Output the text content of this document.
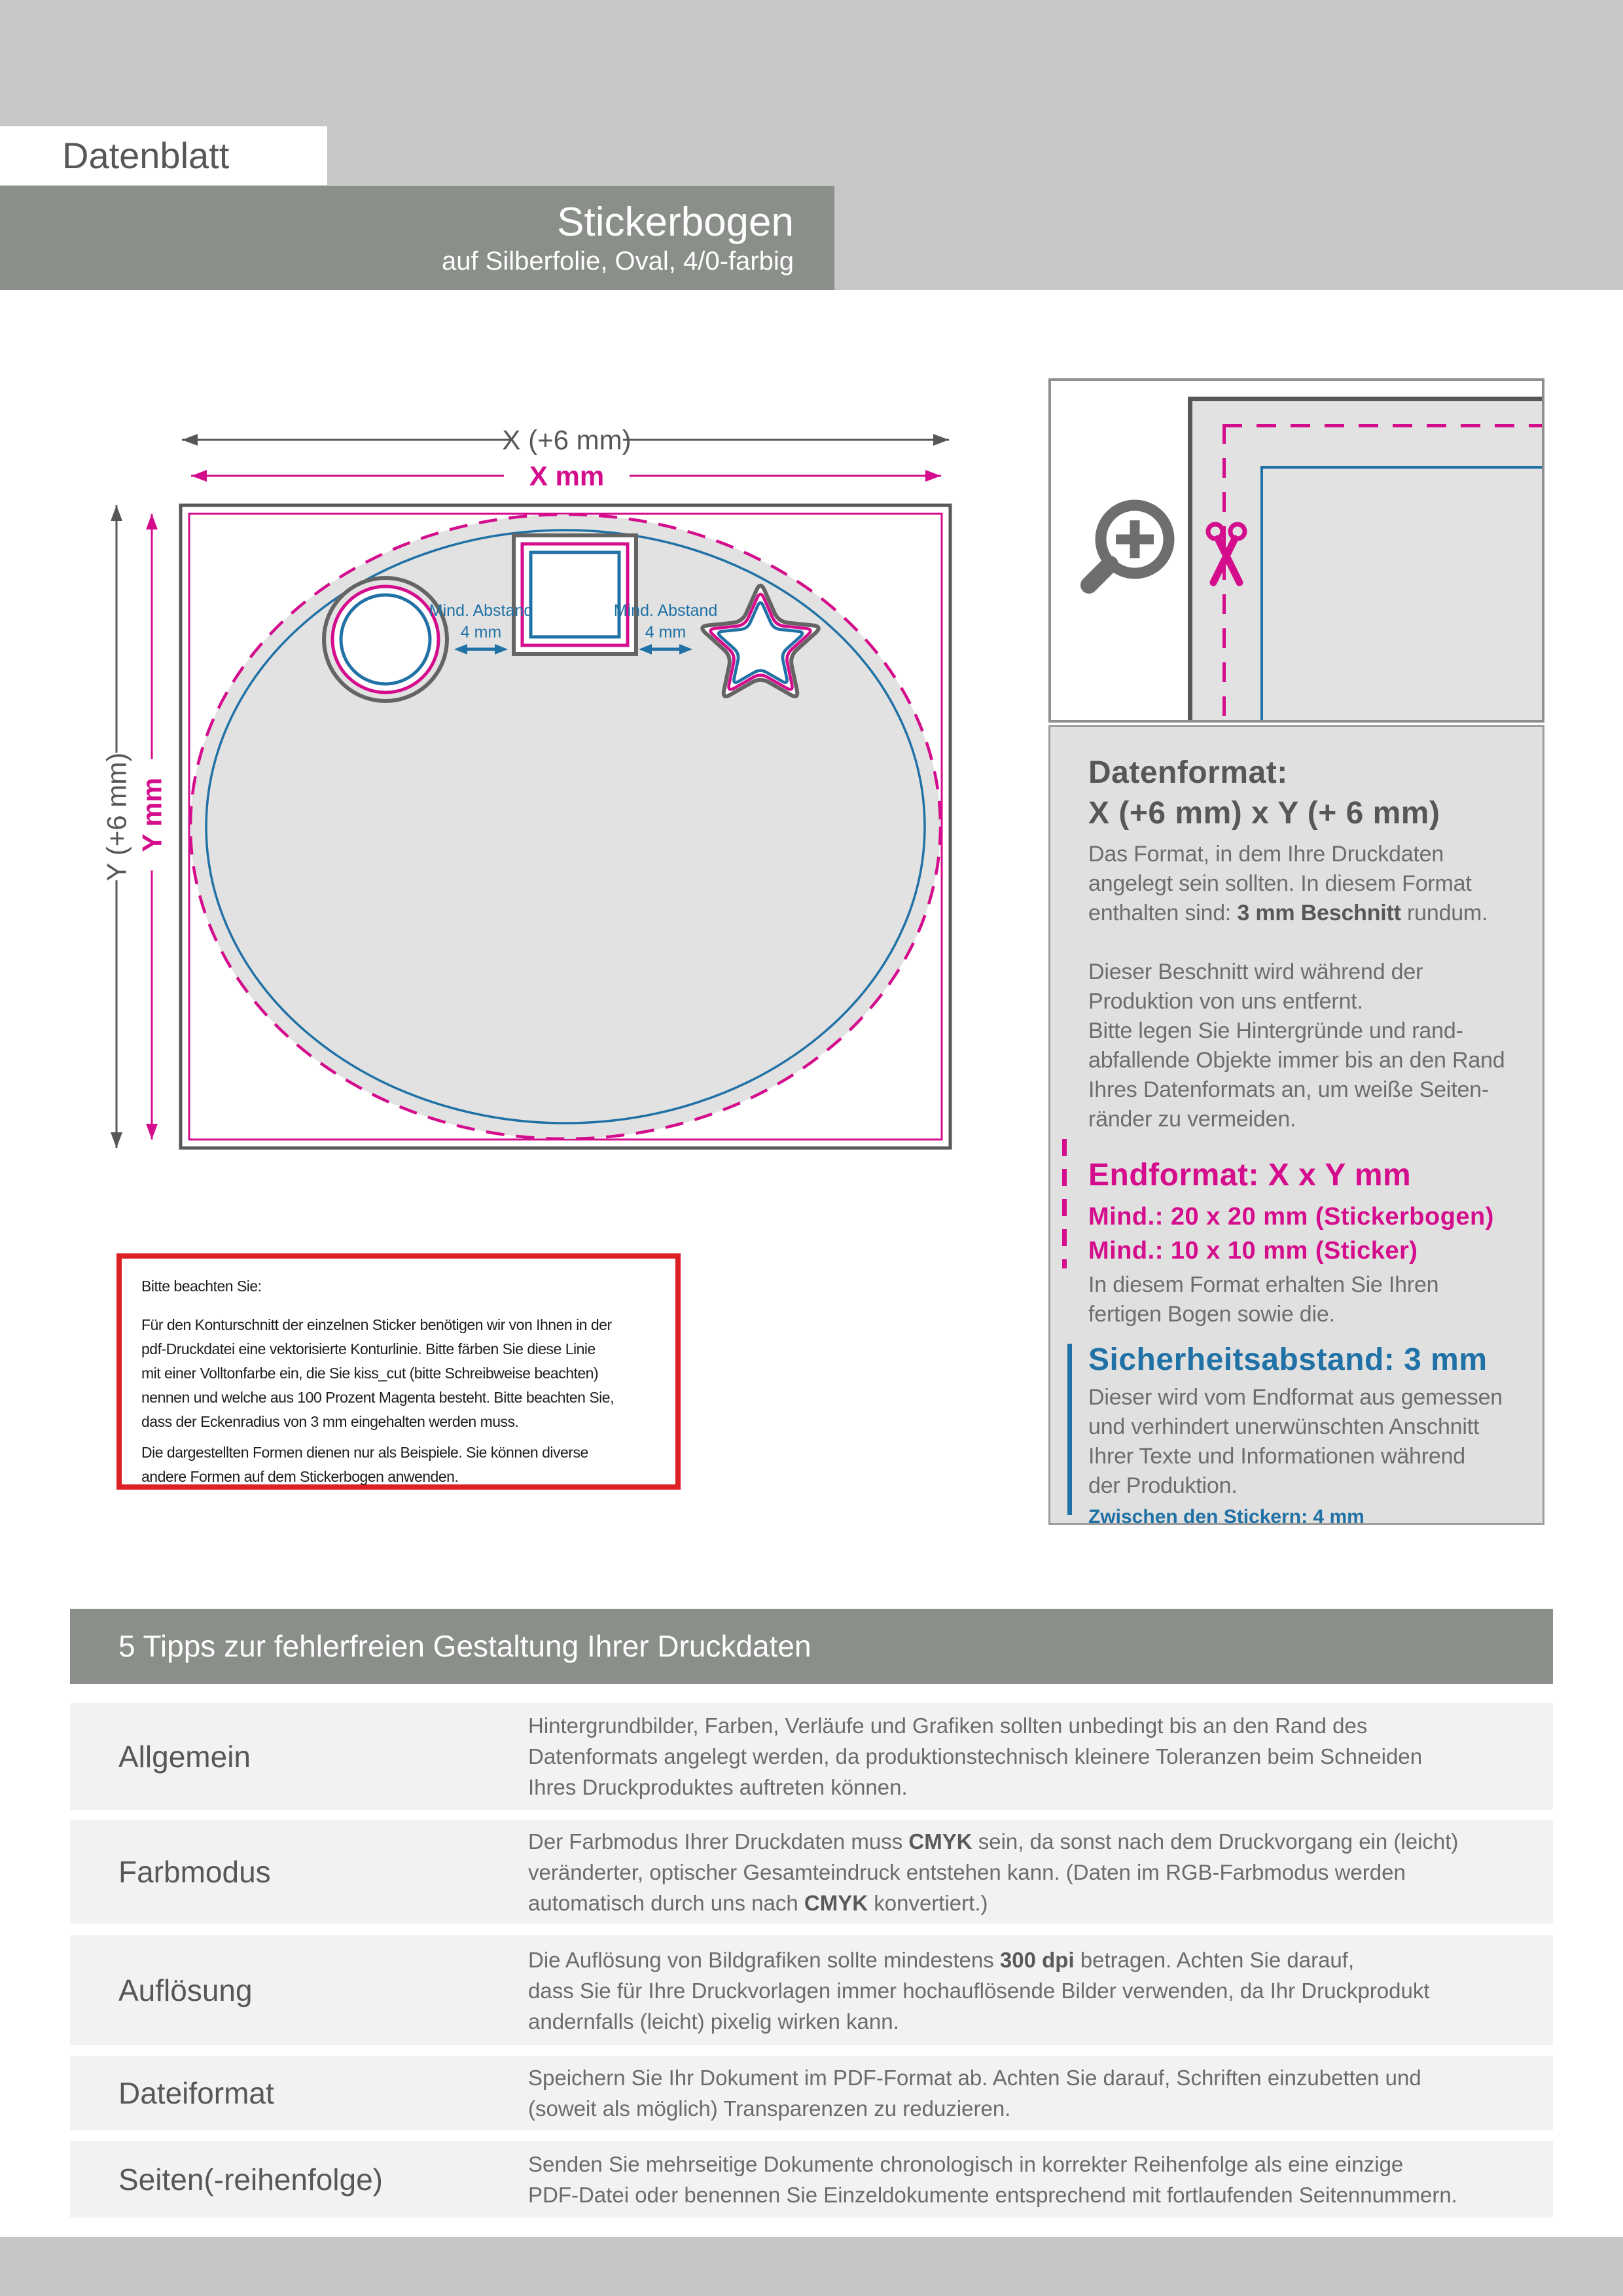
Datenblatt
Stickerbogen
auf Silberfolie, Oval, 4/0-farbig
X (+6 mm)
X mm
Y (+6 mm) Y mm
Mind. Abstand
4 mm
Mind. Abstand
4 mm
Datenformat:
X (+6 mm) x Y (+ 6 mm)
Das Format, in dem Ihre Druckdaten
angelegt sein sollten. In diesem Format
enthalten sind: 3 mm Beschnitt rundum.
Dieser Beschnitt wird während der
Produktion von uns entfernt.
Bitte legen Sie Hintergründe und rand-
abfallende Objekte immer bis an den Rand
Ihres Datenformats an, um weiße Seiten-
ränder zu vermeiden.
Endformat: X x Y mm
Mind.: 20 x 20 mm (Stickerbogen)
Mind.: 10 x 10 mm (Sticker)
In diesem Format erhalten Sie Ihren
fertigen Bogen sowie die.
Sicherheitsabstand: 3 mm
Dieser wird vom Endformat aus gemessen
und verhindert unerwünschten Anschnitt
Ihrer Texte und Informationen während
der Produktion.
Zwischen den Stickern: 4 mm
Bitte beachten Sie:
Für den Konturschnitt der einzelnen Sticker benötigen wir von Ihnen in der
pdf-Druckdatei eine vektorisierte Konturlinie. Bitte färben Sie diese Linie
mit einer Volltonfarbe ein, die Sie kiss_cut (bitte Schreibweise beachten)
nennen und welche aus 100 Prozent Magenta besteht. Bitte beachten Sie,
dass der Eckenradius von 3 mm eingehalten werden muss.
Die dargestellten Formen dienen nur als Beispiele. Sie können diverse
andere Formen auf dem Stickerbogen anwenden.
5 Tipps zur fehlerfreien Gestaltung Ihrer Druckdaten
Allgemein
Hintergrundbilder, Farben, Verläufe und Grafiken sollten unbedingt bis an den Rand des
Datenformats angelegt werden, da produktionstechnisch kleinere Toleranzen beim Schneiden
Ihres Druckproduktes auftreten können.
Farbmodus
Der Farbmodus Ihrer Druckdaten muss CMYK sein, da sonst nach dem Druckvorgang ein (leicht)
veränderter, optischer Gesamteindruck entstehen kann. (Daten im RGB-Farbmodus werden
automatisch durch uns nach CMYK konvertiert.)
Auflösung
Die Auflösung von Bildgrafiken sollte mindestens 300 dpi betragen. Achten Sie darauf,
dass Sie für Ihre Druckvorlagen immer hochauflösende Bilder verwenden, da Ihr Druckprodukt
andernfalls (leicht) pixelig wirken kann.
Dateiformat	Speichern Sie Ihr Dokument im PDF-Format ab. Achten Sie darauf, Schriften einzubetten und
(soweit als möglich) Transparenzen zu reduzieren.
Seiten(-reihenfolge)	Senden Sie mehrseitige Dokumente chronologisch in korrekter Reihenfolge als eine einzige
PDF-Datei oder benennen Sie Einzeldokumente entsprechend mit fortlaufenden Seitennummern.
